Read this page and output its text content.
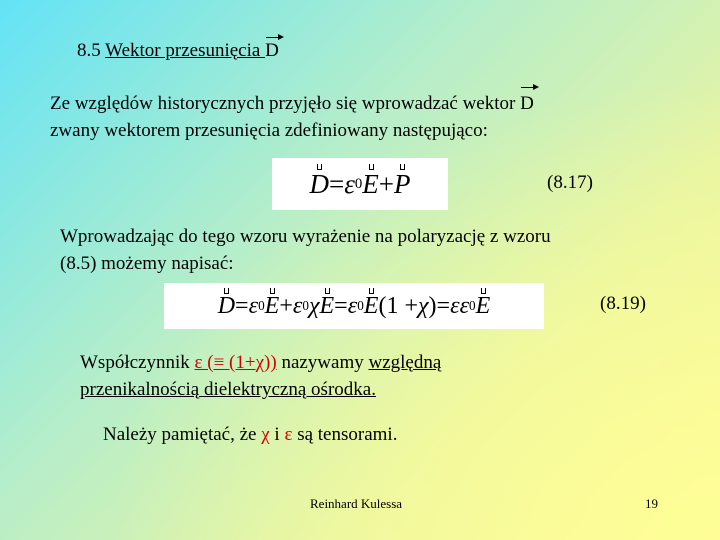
8.5 Wektor przesunięcia D
Ze względów historycznych przyjęło się wprowadzać wektor D
zwany wektorem przesunięcia zdefiniowany następująco:
D = ε 0 E + P	(8.17)
Wprowadzając do tego wzoru wyrażenie na polaryzację z wzoru
(8.5) możemy napisać:
D = ε 0 E + ε 0 χ E = ε 0 E (1 + χ ) = ε ε 0 E	(8.19)
Współczynnik ε (≡ (1+χ)) nazywamy względną
przenikalnością dielektryczną ośrodka.
Należy pamiętać, że χ i ε są tensorami.
Reinhard Kulessa	19
